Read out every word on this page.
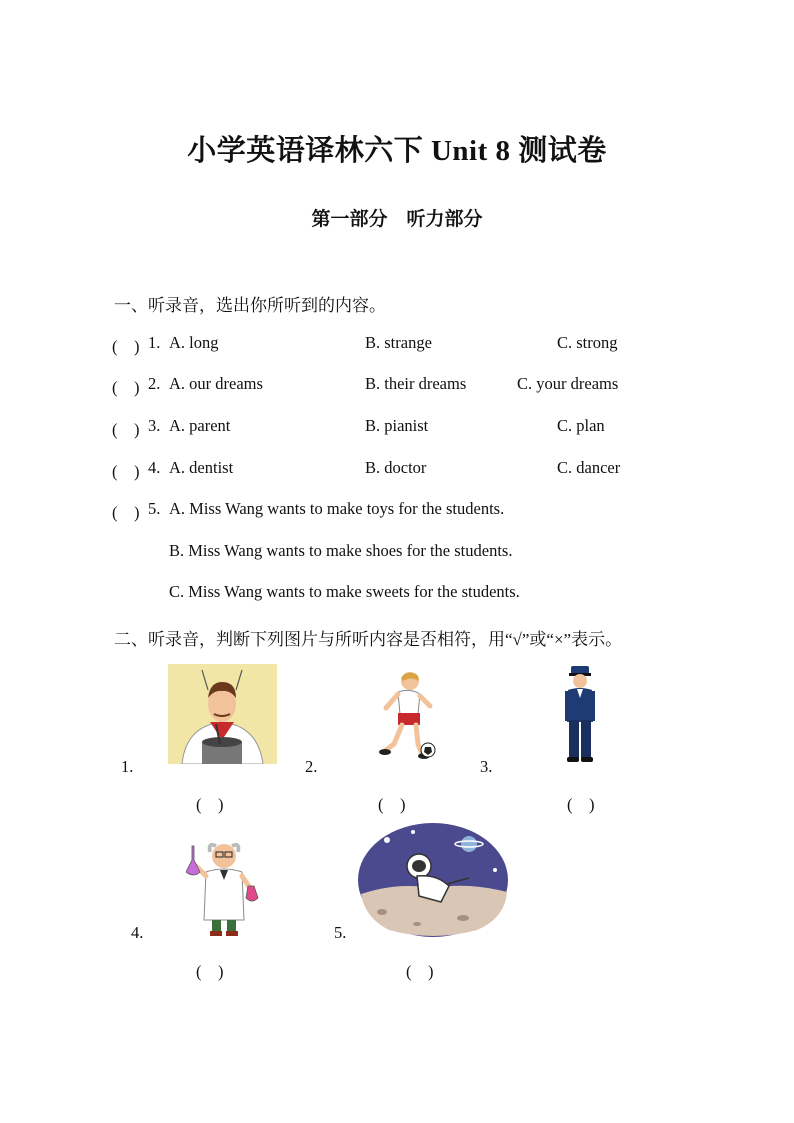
小学英语译林六下 Unit 8 测试卷
第一部分　听力部分
一、听录音，选出你所听到的内容。
(　) 1. A. long	B. strange	C. strong
(　) 2. A. our dreams	B. their dreams	C. your dreams
(　) 3. A. parent	B. pianist	C. plan
(　) 4. A. dentist	B. doctor	C. dancer
(　) 5. A. Miss Wang wants to make toys for the students.
B. Miss Wang wants to make shoes for the students.
C. Miss Wang wants to make sweets for the students.
二、听录音，判断下列图片与所听内容是否相符，用“√”或“×”表示。
1.
(　)
2.
(　)
3.
(　)
4.
(　)
5.
(　)
